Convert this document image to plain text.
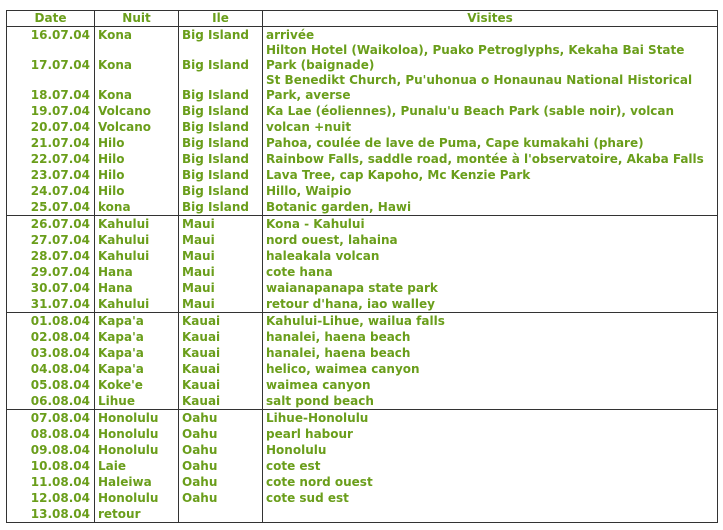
Date	Nuit	Ile	Visites
16.07.04	Kona	Big Island	arrivée
17.07.04	Kona	Big Island	Hilton Hotel (Waikoloa), Puako Petroglyphs, Kekaha Bai State Park (baignade)
18.07.04	Kona	Big Island	St Benedikt Church, Pu'uhonua o Honaunau National Historical Park, averse
19.07.04	Volcano	Big Island	Ka Lae (éoliennes), Punalu'u Beach Park (sable noir), volcan
20.07.04	Volcano	Big Island	volcan +nuit
21.07.04	Hilo	Big Island	Pahoa, coulée de lave de Puma, Cape kumakahi (phare)
22.07.04	Hilo	Big Island	Rainbow Falls, saddle road, montée à l'observatoire, Akaba Falls
23.07.04	Hilo	Big Island	Lava Tree, cap Kapoho, Mc Kenzie Park
24.07.04	Hilo	Big Island	Hillo, Waipio
25.07.04	kona	Big Island	Botanic garden, Hawi
26.07.04	Kahului	Maui	Kona - Kahului
27.07.04	Kahului	Maui	nord ouest, lahaina
28.07.04	Kahului	Maui	haleakala volcan
29.07.04	Hana	Maui	cote hana
30.07.04	Hana	Maui	waianapanapa state park
31.07.04	Kahului	Maui	retour d'hana, iao walley
01.08.04	Kapa'a	Kauai	Kahului-Lihue, wailua falls
02.08.04	Kapa'a	Kauai	hanalei, haena beach
03.08.04	Kapa'a	Kauai	hanalei, haena beach
04.08.04	Kapa'a	Kauai	helico, waimea canyon
05.08.04	Koke'e	Kauai	waimea canyon
06.08.04	Lihue	Kauai	salt pond beach
07.08.04	Honolulu	Oahu	Lihue-Honolulu
08.08.04	Honolulu	Oahu	pearl habour
09.08.04	Honolulu	Oahu	Honolulu
10.08.04	Laie	Oahu	cote est
11.08.04	Haleiwa	Oahu	cote nord ouest
12.08.04	Honolulu	Oahu	cote sud est
13.08.04	retour		
